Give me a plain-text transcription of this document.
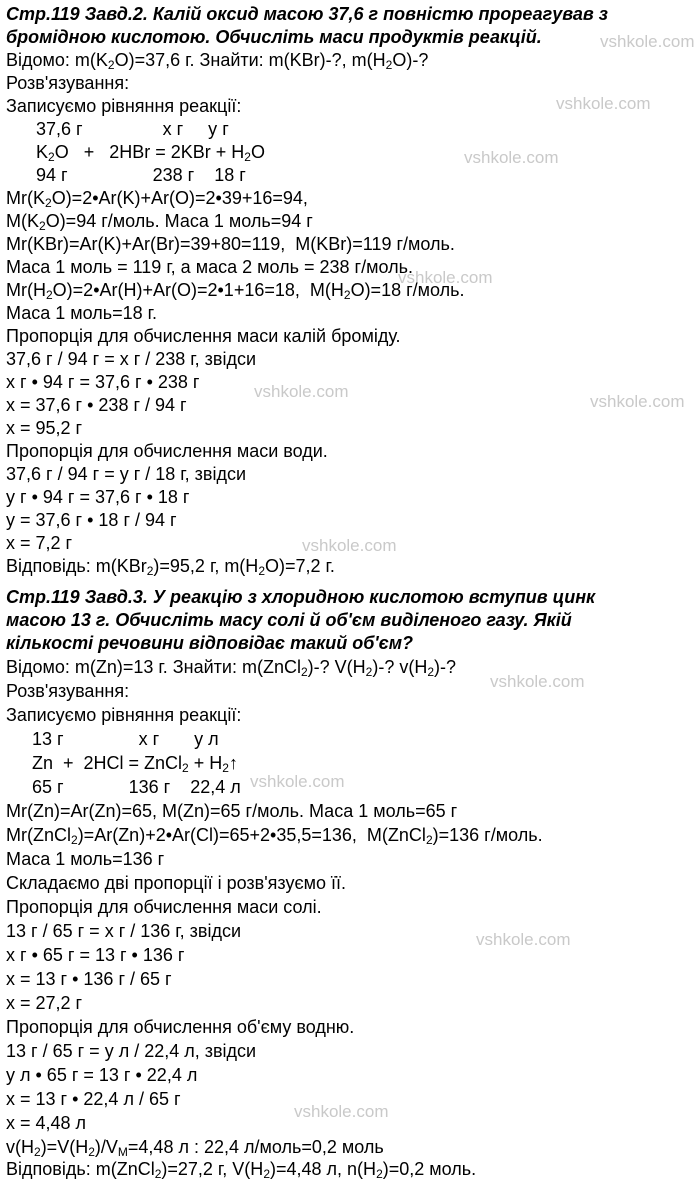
vshkole.com
vshkole.com
vshkole.com
vshkole.com
vshkole.com
vshkole.com
vshkole.com
vshkole.com
vshkole.com
vshkole.com
vshkole.com
Стр.119 Завд.2. Калій оксид масою 37,6 г повністю прореагував з
бромідною кислотою. Обчисліть маси продуктів реакцій.
Відомо: $m(K_2O)=37,6$ г. Знайти: m(KBr)-?, $m(H_2O)-$?
Розв'язування:
Записуємо рівняння реакції:
37,6 г                х г     у г
$K_2O + 2HBr = 2KBr + H_2O$
94 г                 238 г    18 г
$Mr(K_2O)=2•Ar(K)+Ar(O)=2•39+16=94$,
$M(K_2O)=94$ г/моль. Маса 1 моль=94 г
Mr(KBr)=Ar(K)+Ar(Br)=39+80=119,  M(KBr)=119 г/моль.
Маса 1 моль = 119 г, а маса 2 моль = 238 г/моль.
$Mr(H_2O)=2•Ar(H)+Ar(O)=2•1+16=18$,  $M(H_2O)=18$ г/моль.
Маса 1 моль=18 г.
Пропорція для обчислення маси калій броміду.
37,6 г / 94 г = х г / 238 г, звідси
х г • 94 г = 37,6 г • 238 г
х = 37,6 г • 238 г / 94 г
х = 95,2 г
Пропорція для обчислення маси води.
37,6 г / 94 г = у г / 18 г, звідси
у г • 94 г = 37,6 г • 18 г
у = 37,6 г • 18 г / 94 г
х = 7,2 г
Відповідь: m(KBr$_2$)=95,2 г, $m(H_2O)=7,2$ г.
Стр.119 Завд.3. У реакцію з хлоридною кислотою вступив цинк
масою 13 г. Обчисліть масу солі й об'єм виділеного газу. Якій
кількості речовини відповідає такий об'єм?
Відомо: m(Zn)=13 г. Знайти: m(ZnCl$_2$)-? $V(H_2)-$? $v(H_2)-$?
Розв'язування:
Записуємо рівняння реакції:
13 г               х г       у л
Zn  +  2HCl = ZnCl$_2$ + $H_2↑$
65 г             136 г    22,4 л
Mr(Zn)=Ar(Zn)=65, M(Zn)=65 г/моль. Маса 1 моль=65 г
Mr(ZnCl$_2$)=Ar(Zn)+2•Ar(Cl)=65+2•35,5=136,  M(ZnCl$_2$)=136 г/моль.
Маса 1 моль=136 г
Складаємо дві пропорції і розв'язуємо її.
Пропорція для обчислення маси солі.
13 г / 65 г = х г / 136 г, звідси
х г • 65 г = 13 г • 136 г
х = 13 г • 136 г / 65 г
х = 27,2 г
Пропорція для обчислення об'єму водню.
13 г / 65 г = у л / 22,4 л, звідси
у л • 65 г = 13 г • 22,4 л
х = 13 г • 22,4 л / 65 г
х = 4,48 л
$v(H_2)=V(H_2)/V_M=4,48$ л : 22,4 л/моль=0,2 моль
Відповідь: m(ZnCl$_2$)=27,2 г, $V(H_2)=4,48$ л, $n(H_2)=0,2$ моль.
